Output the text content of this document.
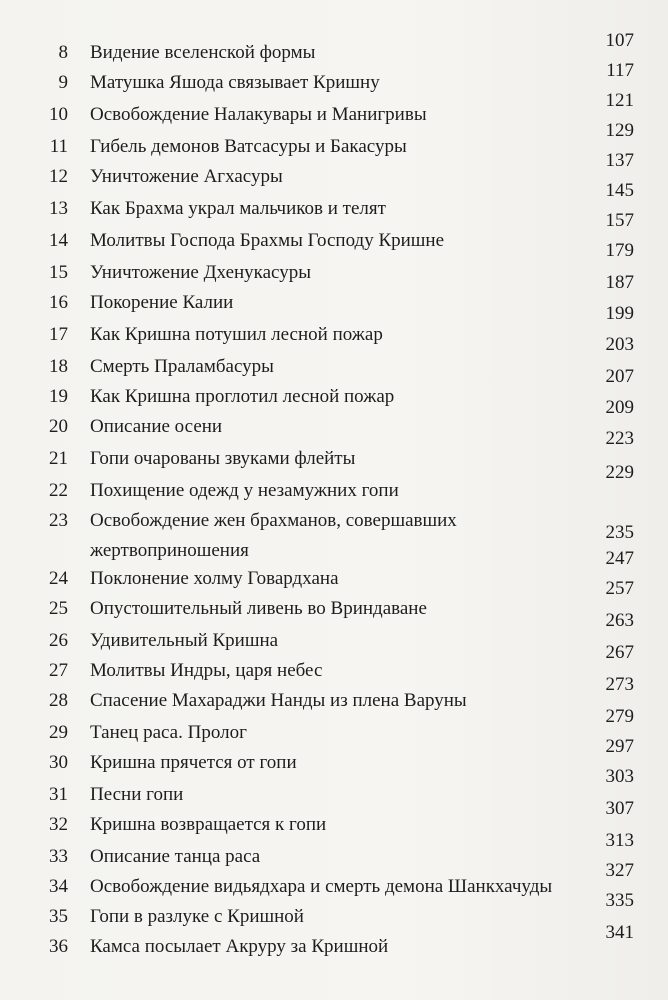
8 Видение вселенской формы
107
9 Матушка Яшода связывает Кришну
117
10 Освобождение Налакувары и Манигривы
121
11 Гибель демонов Ватсасуры и Бакасуры
129
12 Уничтожение Агхасуры
137
13 Как Брахма украл мальчиков и телят
145
14 Молитвы Господа Брахмы Господу Кришне
157
15 Уничтожение Дхенукасуры
179
16 Покорение Калии
187
17 Как Кришна потушил лесной пожар
199
18 Смерть Праламбасуры
203
19 Как Кришна проглотил лесной пожар
207
20 Описание осени
209
21 Гопи очарованы звуками флейты
223
22 Похищение одежд у незамужних гопи
229
23 Освобождение жен брахманов, совершавших
жертвоприношения
235
24 Поклонение холму Говардхана
247
25 Опустошительный ливень во Вриндаване
257
26 Удивительный Кришна
263
27 Молитвы Индры, царя небес
267
28 Спасение Махараджи Нанды из плена Варуны
273
29 Танец раса. Пролог
279
30 Кришна прячется от гопи
297
31 Песни гопи
303
32 Кришна возвращается к гопи
307
33 Описание танца раса
313
34 Освобождение видьядхара и смерть демона Шанкхачуды
327
35 Гопи в разлуке с Кришной
335
36 Камса посылает Акруру за Кришной
341
